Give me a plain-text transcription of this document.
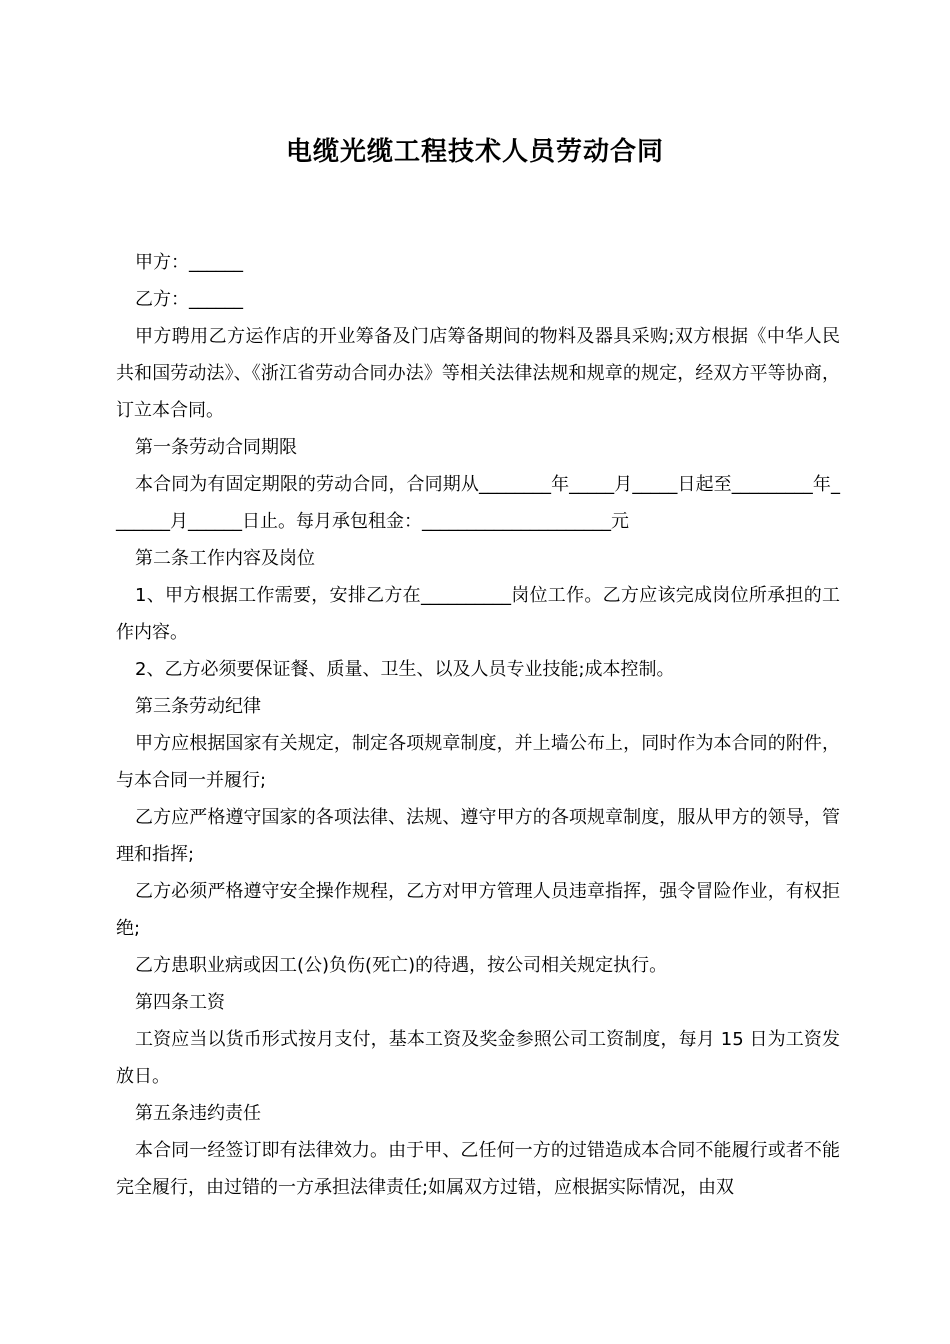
电缆光缆工程技术人员劳动合同

甲方：______

乙方：______

甲方聘用乙方运作店的开业筹备及门店筹备期间的物料及器具采购;双方根据《中华人民共和国劳动法》、《浙江省劳动合同办法》等相关法律法规和规章的规定，经双方平等协商，订立本合同。

第一条劳动合同期限

本合同为有固定期限的劳动合同，合同期从________年_____月_____日起至_________年_______月______日止。每月承包租金：_____________________元

第二条工作内容及岗位

1、甲方根据工作需要，安排乙方在__________岗位工作。乙方应该完成岗位所承担的工作内容。

2、乙方必须要保证餐、质量、卫生、以及人员专业技能;成本控制。

第三条劳动纪律

甲方应根据国家有关规定，制定各项规章制度，并上墙公布上，同时作为本合同的附件，与本合同一并履行;

乙方应严格遵守国家的各项法律、法规、遵守甲方的各项规章制度，服从甲方的领导，管理和指挥;

乙方必须严格遵守安全操作规程，乙方对甲方管理人员违章指挥，强令冒险作业，有权拒绝;

乙方患职业病或因工(公)负伤(死亡)的待遇，按公司相关规定执行。

第四条工资

工资应当以货币形式按月支付，基本工资及奖金参照公司工资制度，每月 15 日为工资发放日。

第五条违约责任

本合同一经签订即有法律效力。由于甲、乙任何一方的过错造成本合同不能履行或者不能完全履行，由过错的一方承担法律责任;如属双方过错，应根据实际情况，由双
